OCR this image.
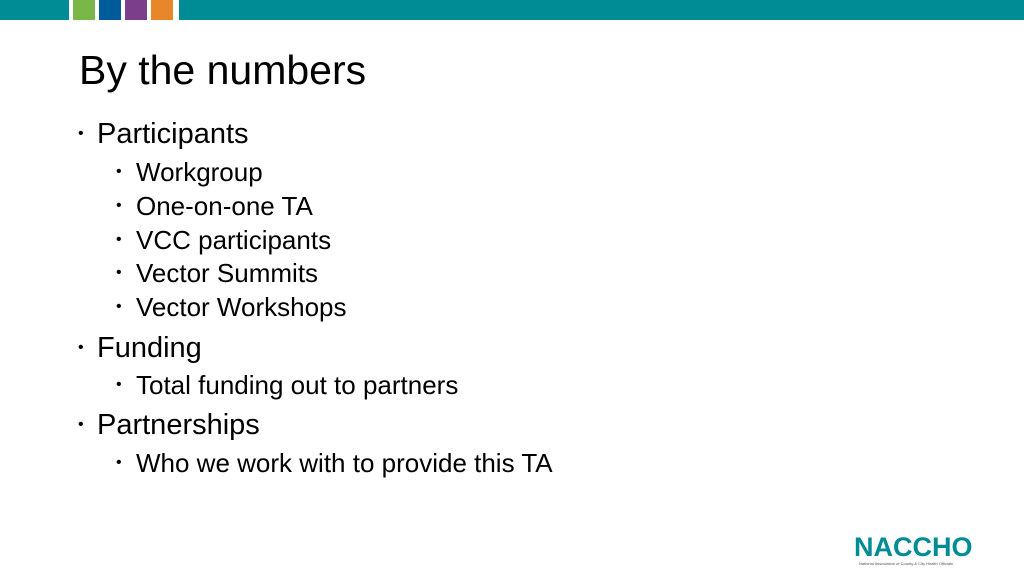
By the numbers
• Participants
• Workgroup
• One-on-one TA
• VCC participants
• Vector Summits
• Vector Workshops
• Funding
• Total funding out to partners
• Partnerships
• Who we work with to provide this TA
NACCHO
National Association of County & City Health Officials
